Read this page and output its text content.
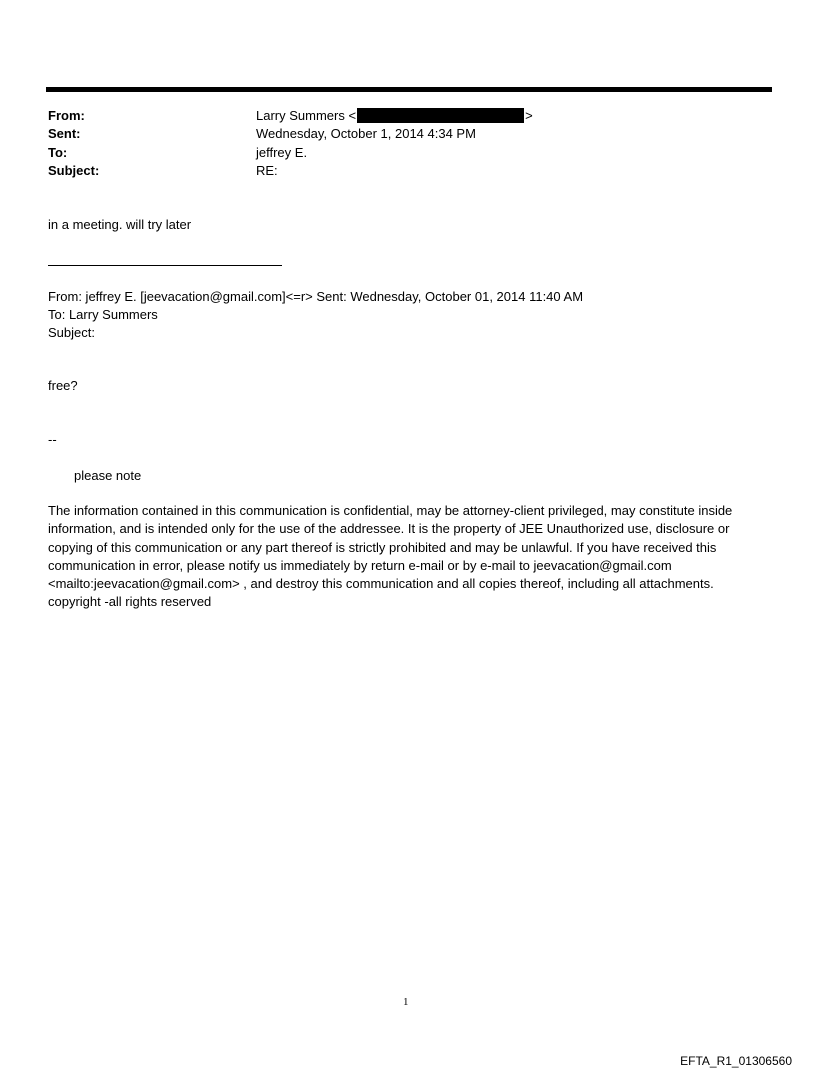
From:	Larry Summers <	>
Sent:	Wednesday, October 1, 2014 4:34 PM
To:	jeffrey E.
Subject:	RE:
in a meeting. will try later
From: jeffrey E. [jeevacation@gmail.com]<=r> Sent: Wednesday, October 01, 2014 11:40 AM
To: Larry Summers
Subject:
free?
--
please note
The information contained in this communication is confidential, may be attorney-client privileged, may constitute inside information, and is intended only for the use of the addressee. It is the property of JEE Unauthorized use, disclosure or copying of this communication or any part thereof is strictly prohibited and may be unlawful. If you have received this communication in error, please notify us immediately by return e-mail or by e-mail to jeevacation@gmail.com <mailto:jeevacation@gmail.com> , and destroy this communication and all copies thereof, including all attachments. copyright -all rights reserved
1
EFTA_R1_01306560
